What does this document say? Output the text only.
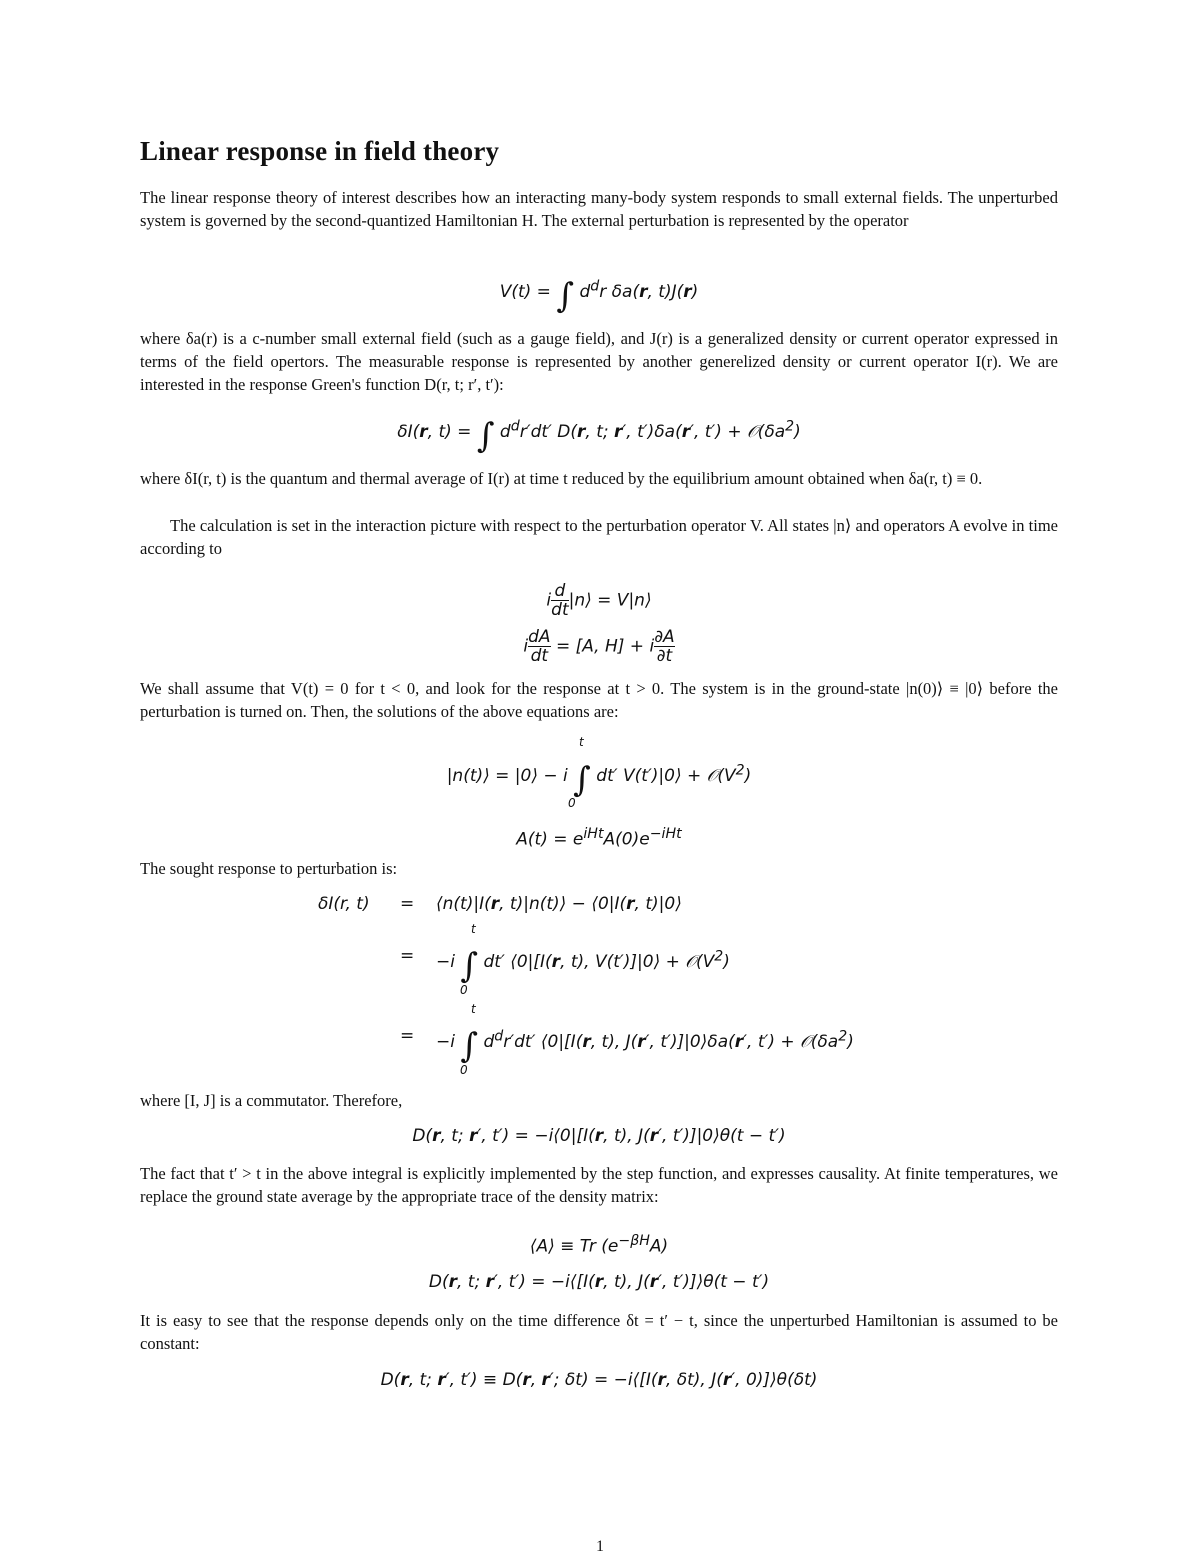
Linear response in field theory

The linear response theory of interest describes how an interacting many-body system responds to small external fields. The unperturbed system is governed by the second-quantized Hamiltonian H. The external perturbation is represented by the operator

V(t) = ∫ $d^dr$ δa(r, t)J(r)

where δa(r) is a c-number small external field (such as a gauge field), and J(r) is a generalized density or current operator expressed in terms of the field opertors. The measurable response is represented by another generelized density or current operator I(r). We are interested in the response Green's function D(r, t; r′, t′):

δI(r, t) = ∫ $d^dr'dt'$ D(r, t; r′, t′)δa(r′, $t') + 𝒪(\delta a^2)$

where δI(r, t) is the quantum and thermal average of I(r) at time t reduced by the equilibrium amount obtained when δa(r, t) ≡ 0.

The calculation is set in the interaction picture with respect to the perturbation operator V. All states |n⟩ and operators A evolve in time according to

i $\frac{d}{dt}$ |n⟩ = V|n⟩
i $\frac{dA}{dt} = [A$, H] + i $\frac{\partial A}{\partial t}$

We shall assume that V(t) = 0 for t < 0, and look for the response at t > 0. The system is in the ground-state |n(0)⟩ ≡ |0⟩ before the perturbation is turned on. Then, the solutions of the above equations are:

|n(t)⟩ = |0⟩ − i ∫ dt′ V(t′)|0⟩ + $𝒪(V^2)$
t
0
$A(t) = e^{iHt}A(0)e^{-iHt}$

The sought response to perturbation is:

δI(r, t) = ⟨n(t)|I(r, t)|n(t)⟩ − ⟨0|I(r, t)|0⟩
= −i ∫ dt′ ⟨0|[I(r, t), V(t′)]|0⟩ + $𝒪(V^2)$
t
0
= −i ∫ $d^dr'dt'$ ⟨0|[I(r, t), J(r′, t′)]|0⟩δa(r′, $t') + 𝒪(\delta a^2)$
t
0

where [I, J] is a commutator. Therefore,

D(r, t; r′, t′) = −i⟨0|[I(r, t), J(r′, t′)]|0⟩θ(t − t′)

The fact that t′ > t in the above integral is explicitly implemented by the step function, and expresses causality. At finite temperatures, we replace the ground state average by the appropriate trace of the density matrix:

⟨A⟩ ≡ Tr $(e^{-\beta H}A)$
D(r, t; r′, t′) = −i⟨[I(r, t), J(r′, t′)]⟩θ(t − t′)

It is easy to see that the response depends only on the time difference δt = t′ − t, since the unperturbed Hamiltonian is assumed to be constant:

D(r, t; r′, t′) ≡ D(r, r′; δt) = −i⟨[I(r, δt), J(r′, 0)]⟩θ(δt)
1
